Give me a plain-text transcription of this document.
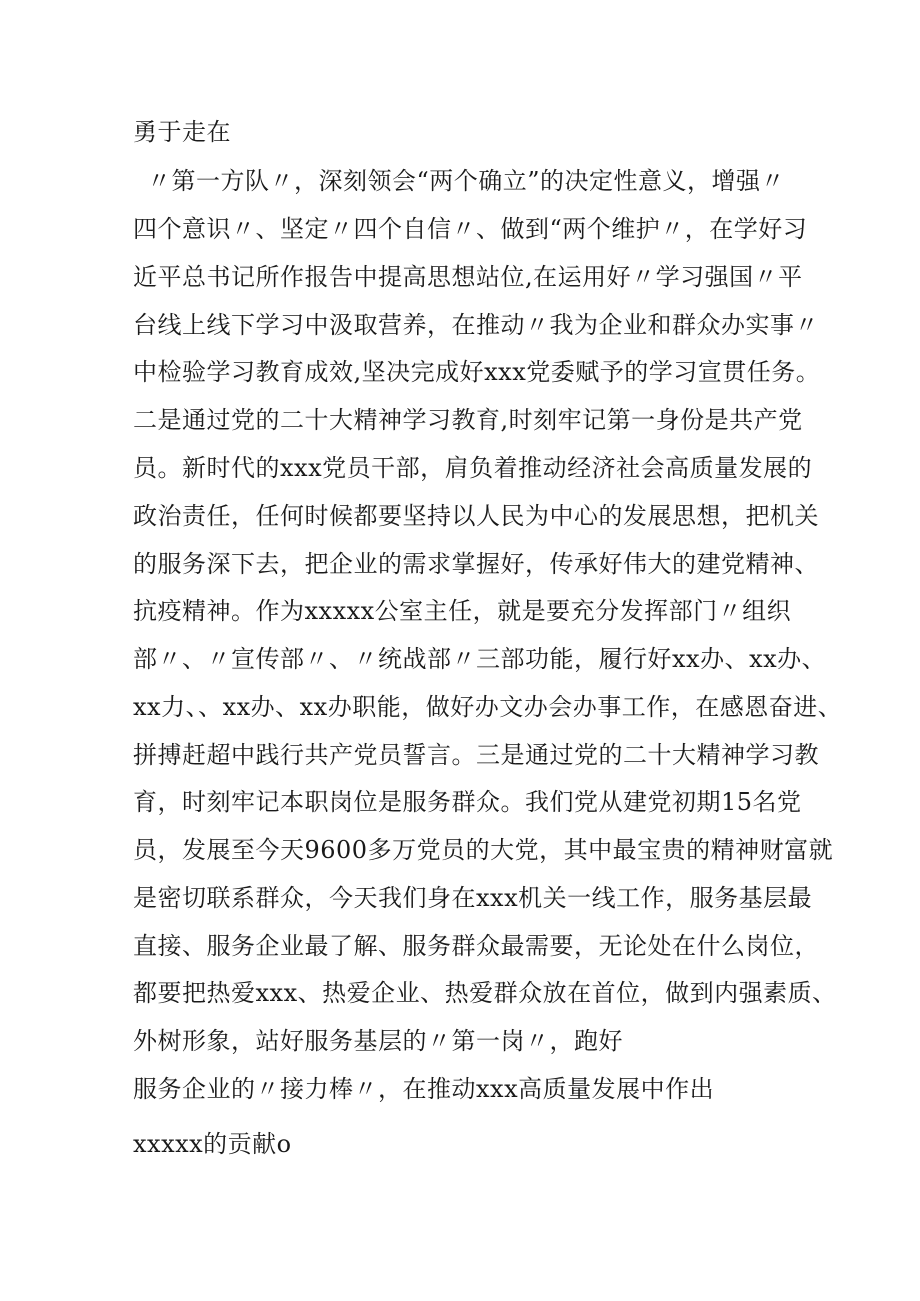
勇于走在
〃第一方队〃，深刻领会“两个确立”的决定性意义，增强〃
四个意识〃、坚定〃四个自信〃、做到“两个维护〃，在学好习
近平总书记所作报告中提高思想站位,在运用好〃学习强国〃平
台线上线下学习中汲取营养，在推动〃我为企业和群众办实事〃
中检验学习教育成效,坚决完成好xxx党委赋予的学习宣贯任务。
二是通过党的二十大精神学习教育,时刻牢记第一身份是共产党
员。新时代的xxx党员干部，肩负着推动经济社会高质量发展的
政治责任，任何时候都要坚持以人民为中心的发展思想，把机关
的服务深下去，把企业的需求掌握好，传承好伟大的建党精神、
抗疫精神。作为xxxxx公室主任，就是要充分发挥部门〃组织
部〃、〃宣传部〃、〃统战部〃三部功能，履行好xx办、xx办、
xx力、、xx办、xx办职能，做好办文办会办事工作，在感恩奋进、
拼搏赶超中践行共产党员誓言。三是通过党的二十大精神学习教
育，时刻牢记本职岗位是服务群众。我们党从建党初期15名党
员，发展至今天9600多万党员的大党，其中最宝贵的精神财富就
是密切联系群众，今天我们身在xxx机关一线工作，服务基层最
直接、服务企业最了解、服务群众最需要，无论处在什么岗位，
都要把热爱xxx、热爱企业、热爱群众放在首位，做到内强素质、
外树形象，站好服务基层的〃第一岗〃，跑好
服务企业的〃接力棒〃，在推动xxx高质量发展中作出
xxxxx的贡献o
